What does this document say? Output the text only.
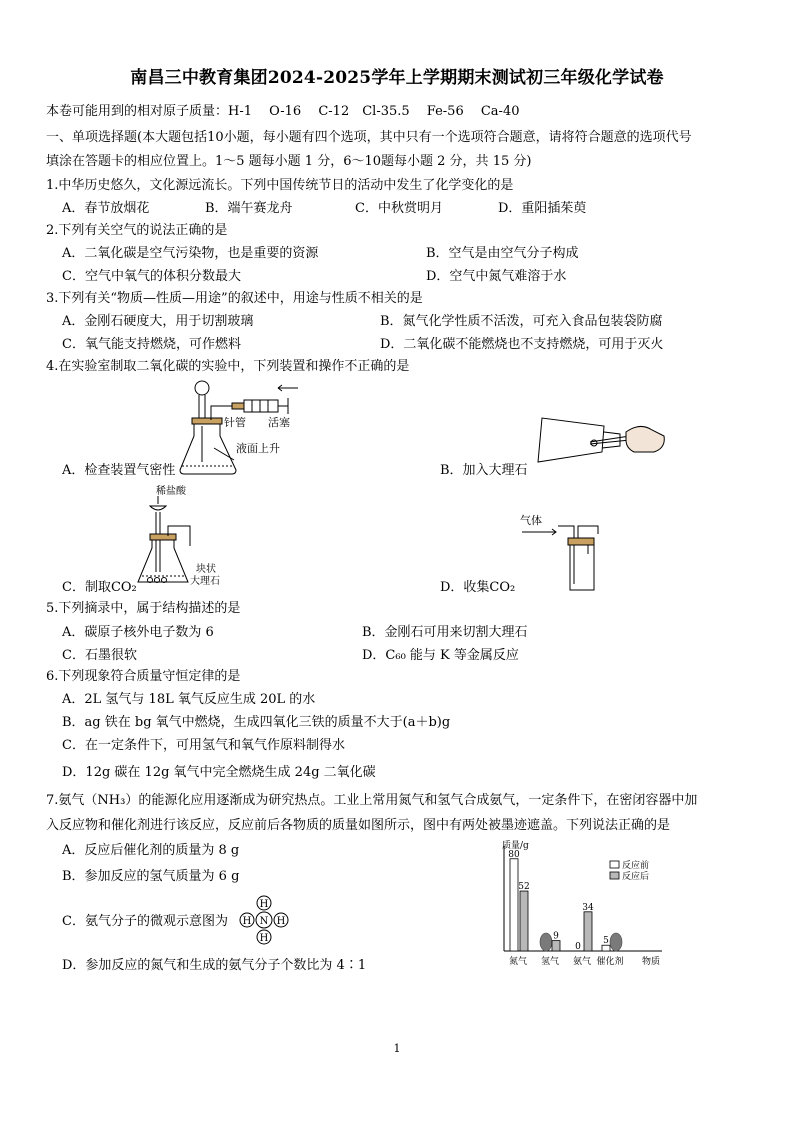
南昌三中教育集团2024-2025学年上学期期末测试初三年级化学试卷
本卷可能用到的相对原子质量：H-1　 O-16　 C-12　Cl-35.5　 Fe-56　 Ca-40
一、单项选择题(本大题包括10小题，每小题有四个选项，其中只有一个选项符合题意，请将符合题意的选项代号
填涂在答题卡的相应位置上。1～5 题每小题 1 分，6～10题每小题 2 分，共 15 分)
1.中华历史悠久，文化源远流长。下列中国传统节日的活动中发生了化学变化的是
A．春节放烟花	B．端午赛龙舟	C．中秋赏明月	D．重阳插茱萸
2.下列有关空气的说法正确的是
A．二氧化碳是空气污染物，也是重要的资源	B．空气是由空气分子构成
C．空气中氧气的体积分数最大	D．空气中氮气难溶于水
3.下列有关“物质—性质—用途”的叙述中，用途与性质不相关的是
A．金刚石硬度大，用于切割玻璃	B．氮气化学性质不活泼，可充入食品包装袋防腐
C．氧气能支持燃烧，可作燃料	D．二氧化碳不能燃烧也不支持燃烧，可用于灭火
4.在实验室制取二氧化碳的实验中，下列装置和操作不正确的是
针管 活塞
液面上升
A．检查装置气密性	B．加入大理石
稀盐酸
块状
大理石
C．制取CO₂
气体
D．收集CO₂
5.下列摘录中，属于结构描述的是
A．碳原子核外电子数为 6	B．金刚石可用来切割大理石
C．石墨很软	D．C₆₀ 能与 K 等金属反应
6.下列现象符合质量守恒定律的是
A．2L 氢气与 18L 氧气反应生成 20L 的水
B．ag 铁在 bg 氧气中燃烧，生成四氧化三铁的质量不大于(a＋b)g
C．在一定条件下，可用氢气和氧气作原料制得水
D．12g 碳在 12g 氧气中完全燃烧生成 24g 二氧化碳
7.氨气（NH₃）的能源化应用逐渐成为研究热点。工业上常用氮气和氢气合成氨气，一定条件下，在密闭容器中加
入反应物和催化剂进行该反应，反应前后各物质的质量如图所示，图中有两处被墨迹遮盖。下列说法正确的是
A．反应后催化剂的质量为 8 g
B．参加反应的氢气质量为 6 g
C．氨气分子的微观示意图为	N
H
H	H
H
D．参加反应的氮气和生成的氨气分子个数比为 4∶1
质量/g
物质
氮气
80
52
氢气
9
氨气
0
34
催化剂
5
反应前
反应后
1
